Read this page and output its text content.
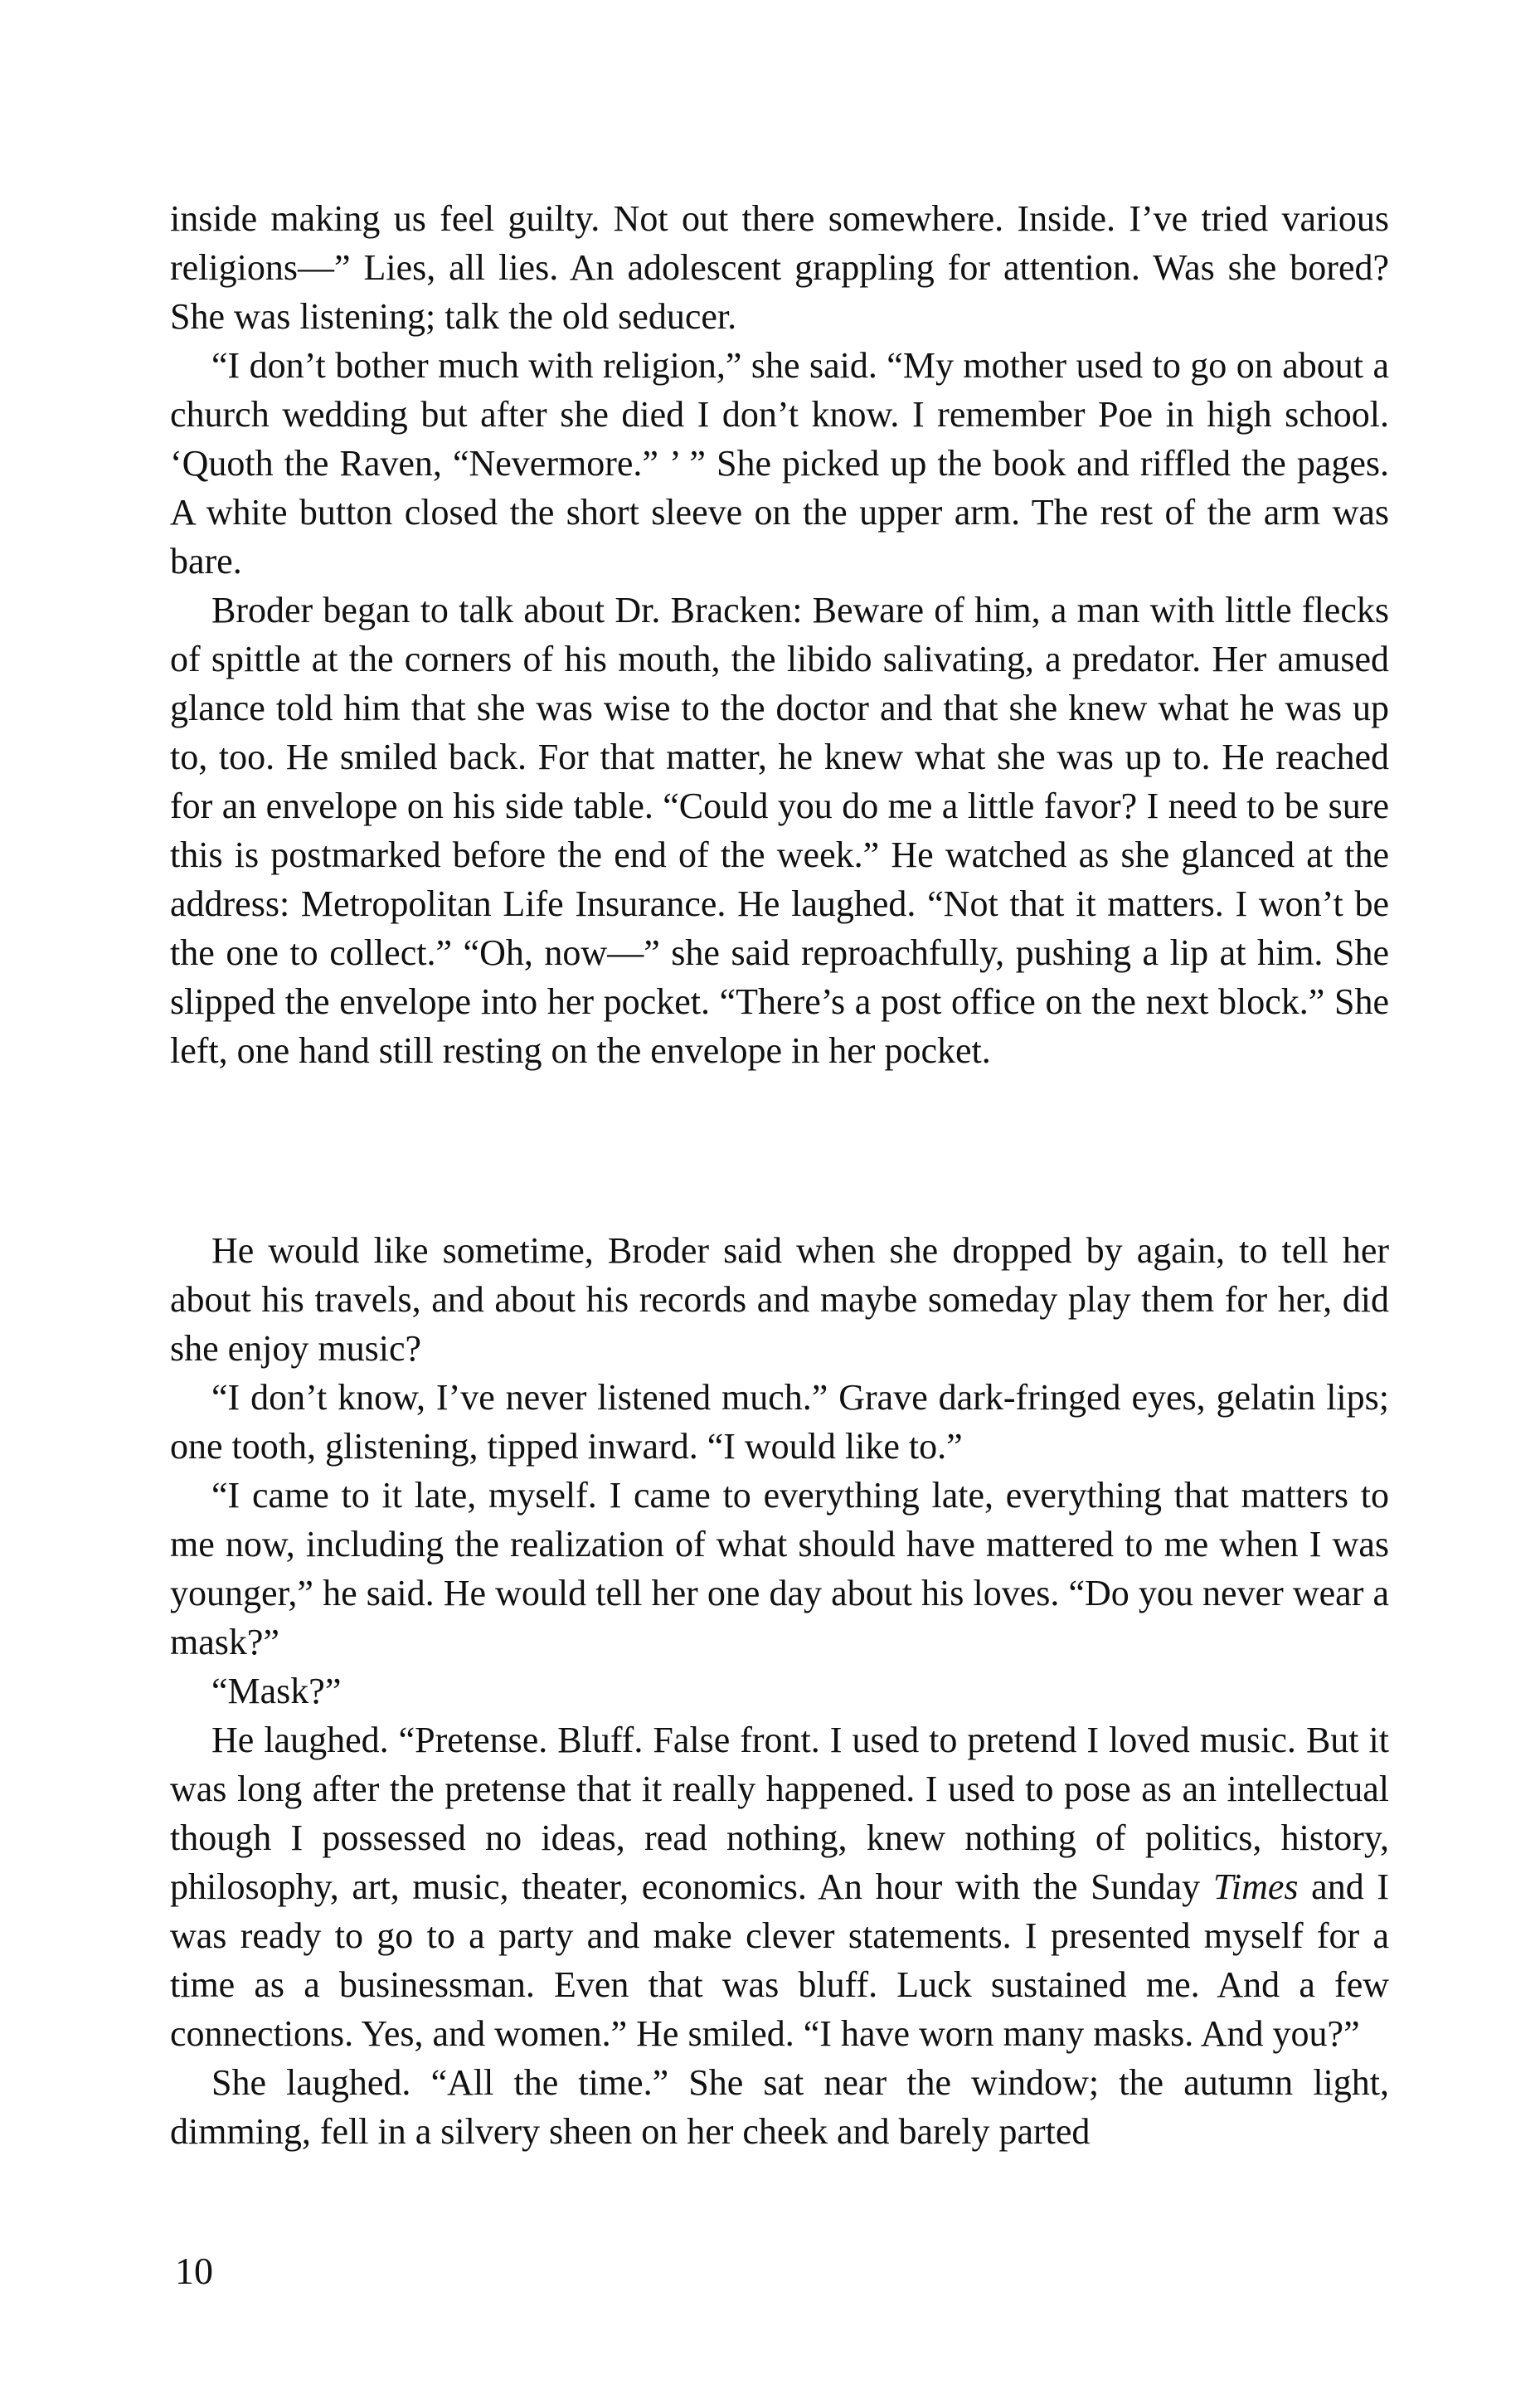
inside making us feel guilty. Not out there somewhere. Inside. I’ve tried various religions—” Lies, all lies. An adolescent grappling for attention. Was she bored? She was listening; talk the old seducer.

“I don’t bother much with religion,” she said. “My mother used to go on about a church wedding but after she died I don’t know. I remember Poe in high school. ‘Quoth the Raven, “Nevermore.” ’ ” She picked up the book and riffled the pages. A white button closed the short sleeve on the upper arm. The rest of the arm was bare.

Broder began to talk about Dr. Bracken: Beware of him, a man with little flecks of spittle at the corners of his mouth, the libido salivating, a predator. Her amused glance told him that she was wise to the doctor and that she knew what he was up to, too. He smiled back. For that matter, he knew what she was up to. He reached for an envelope on his side table. “Could you do me a little favor? I need to be sure this is postmarked before the end of the week.” He watched as she glanced at the address: Metropolitan Life Insurance. He laughed. “Not that it matters. I won’t be the one to collect.” “Oh, now—” she said reproachfully, pushing a lip at him. She slipped the envelope into her pocket. “There’s a post office on the next block.” She left, one hand still resting on the envelope in her pocket.

He would like sometime, Broder said when she dropped by again, to tell her about his travels, and about his records and maybe someday play them for her, did she enjoy music?

“I don’t know, I’ve never listened much.” Grave dark-fringed eyes, gelatin lips; one tooth, glistening, tipped inward. “I would like to.”

“I came to it late, myself. I came to everything late, everything that matters to me now, including the realization of what should have mattered to me when I was younger,” he said. He would tell her one day about his loves. “Do you never wear a mask?”

“Mask?”

He laughed. “Pretense. Bluff. False front. I used to pretend I loved music. But it was long after the pretense that it really happened. I used to pose as an intellectual though I possessed no ideas, read nothing, knew nothing of politics, history, philosophy, art, music, theater, economics. An hour with the Sunday Times and I was ready to go to a party and make clever statements. I presented myself for a time as a businessman. Even that was bluff. Luck sustained me. And a few connections. Yes, and women.” He smiled. “I have worn many masks. And you?”

She laughed. “All the time.” She sat near the window; the autumn light, dimming, fell in a silvery sheen on her cheek and barely parted

10
